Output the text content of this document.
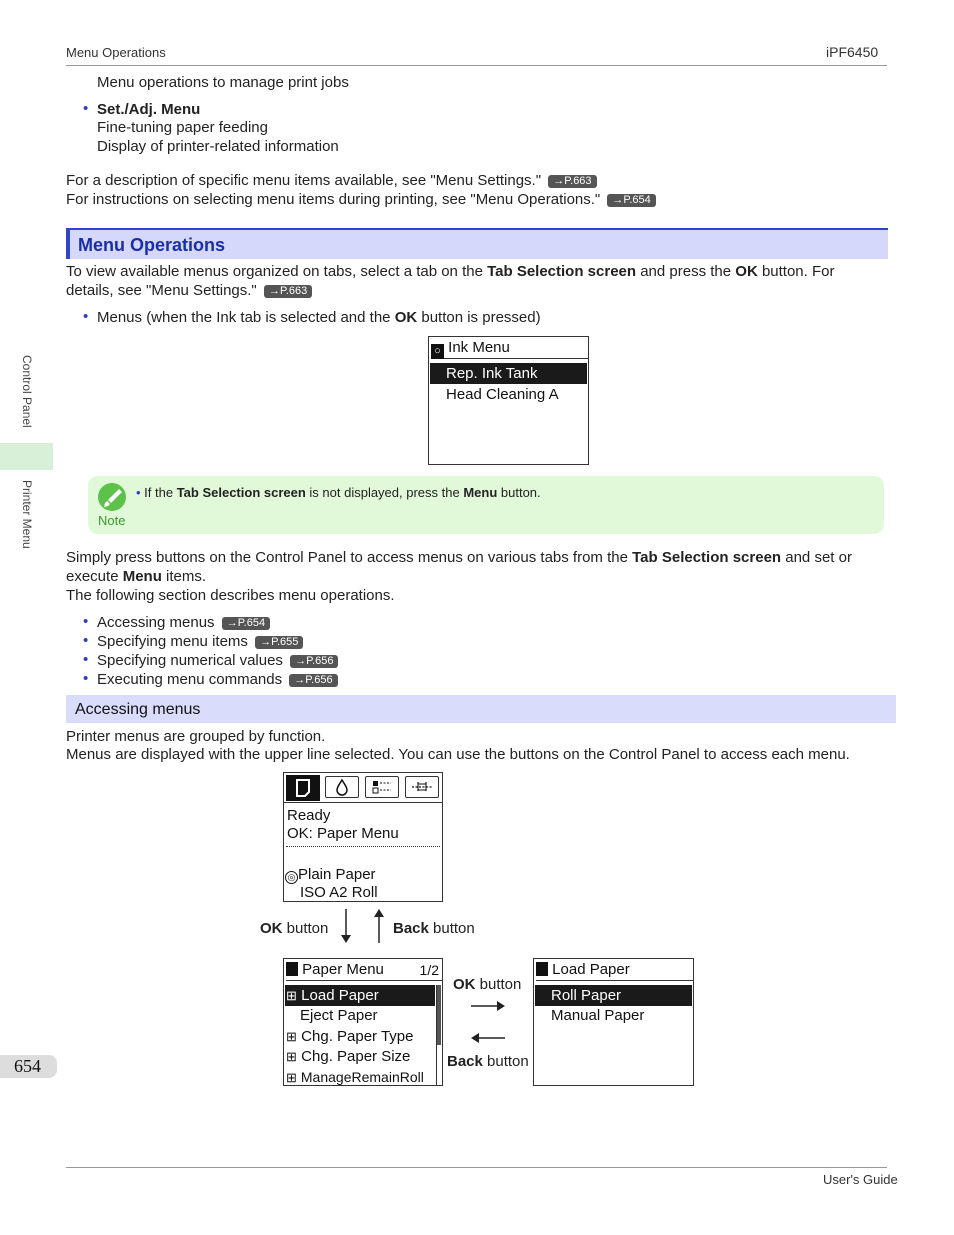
Menu Operations	iPF6450
Control Panel
Printer Menu
Menu operations to manage print jobs
• Set./Adj. Menu
Fine-tuning paper feeding
Display of printer-related information
For a description of specific menu items available, see "Menu Settings." →P.663
For instructions on selecting menu items during printing, see "Menu Operations." →P.654
Menu Operations
To view available menus organized on tabs, select a tab on the Tab Selection screen and press the OK button. For
details, see "Menu Settings." →P.663
• Menus (when the Ink tab is selected and the OK button is pressed)
○ Ink Menu
Rep. Ink Tank
Head Cleaning A
Note
• If the Tab Selection screen is not displayed, press the Menu button.
Simply press buttons on the Control Panel to access menus on various tabs from the Tab Selection screen and set or
execute Menu items.
The following section describes menu operations.
• Accessing menus →P.654
• Specifying menu items →P.655
• Specifying numerical values →P.656
• Executing menu commands →P.656
Accessing menus
Printer menus are grouped by function.
Menus are displayed with the upper line selected. You can use the buttons on the Control Panel to access each menu.
Ready
OK: Paper Menu
◎ Plain Paper
ISO A2 Roll
OK button	Back button
Paper Menu	1/2
⊞ Load Paper
Eject Paper
⊞ Chg. Paper Type
⊞ Chg. Paper Size
⊞ ManageRemainRoll
OK button
Back button
Load Paper
Roll Paper
Manual Paper
654
User's Guide
